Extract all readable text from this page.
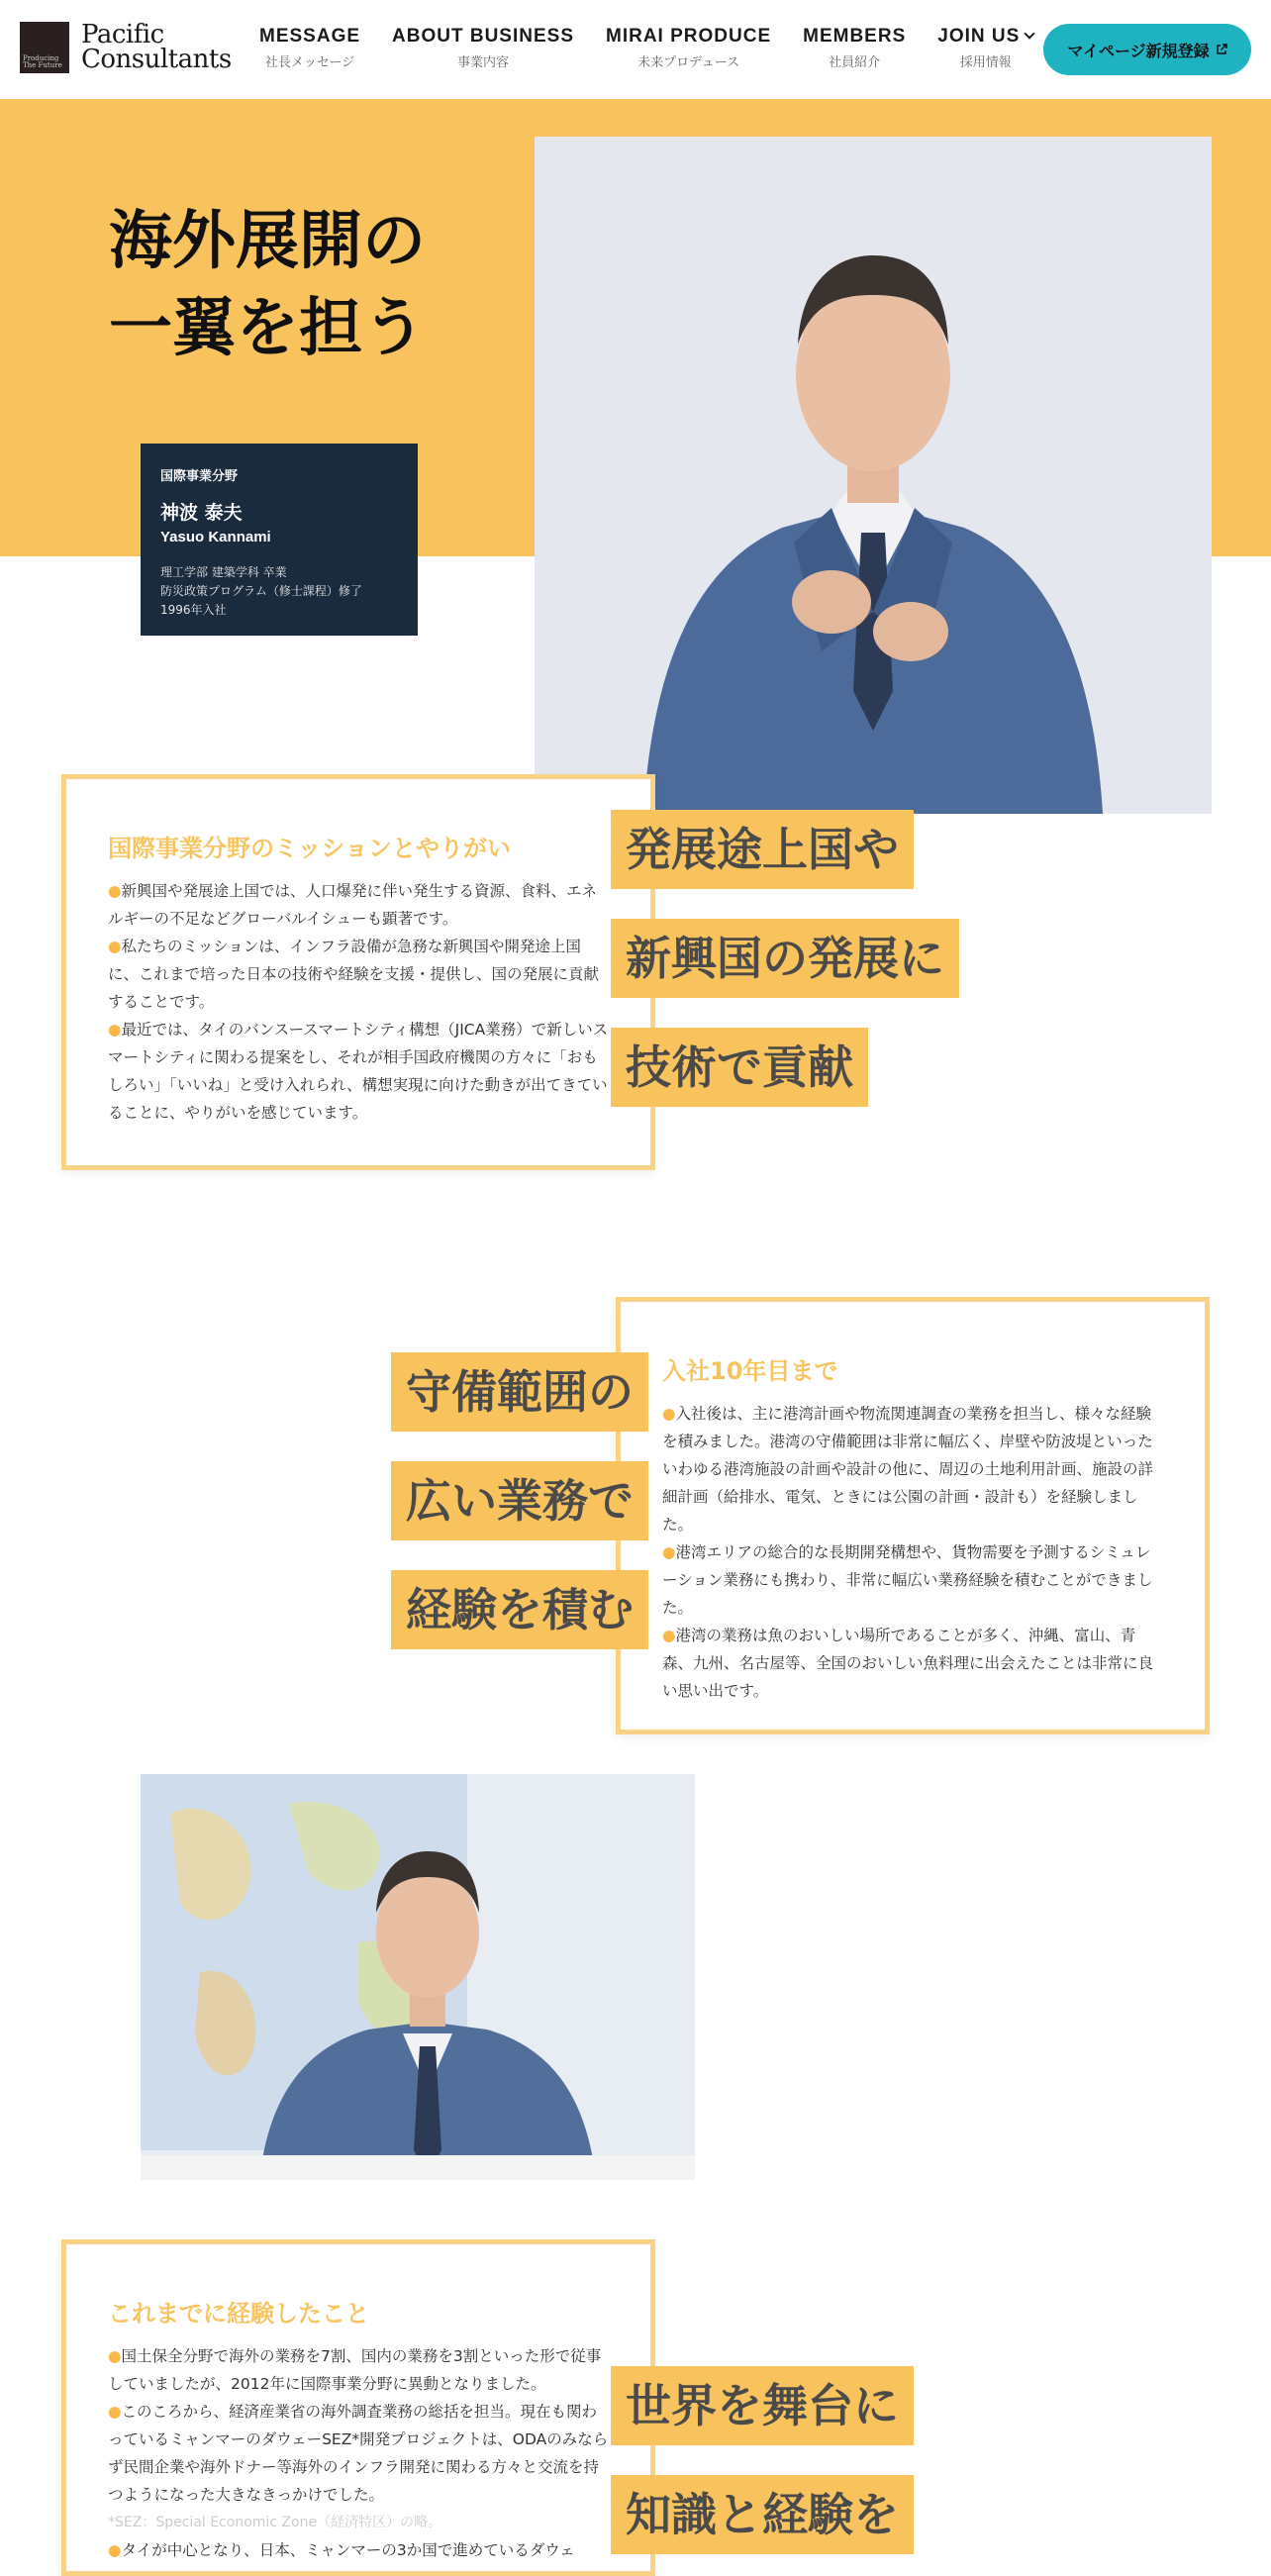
Producing The Future
Pacific
Consultants
MESSAGE
社長メッセージ
ABOUT BUSINESS
事業内容
MIRAI PRODUCE
未来プロデュース
MEMBERS
社員紹介
JOIN US
採用情報
マイページ新規登録
海外展開の
一翼を担う
国際事業分野
神波 泰夫
Yasuo Kannami
理工学部 建築学科 卒業
防災政策プログラム（修士課程）修了
1996年入社
国際事業分野のミッションとやりがい
●新興国や発展途上国では、人口爆発に伴い発生する資源、食料、エネルギーの不足などグローバルイシューも顕著です。
●私たちのミッションは、インフラ設備が急務な新興国や開発途上国に、これまで培った日本の技術や経験を支援・提供し、国の発展に貢献することです。
●最近では、タイのバンスースマートシティ構想（JICA業務）で新しいスマートシティに関わる提案をし、それが相手国政府機関の方々に「おもしろい」「いいね」と受け入れられ、構想実現に向けた動きが出てきていることに、やりがいを感じています。
発展途上国や
新興国の発展に
技術で貢献
入社10年目まで
●入社後は、主に港湾計画や物流関連調査の業務を担当し、様々な経験を積みました。港湾の守備範囲は非常に幅広く、岸壁や防波堤といったいわゆる港湾施設の計画や設計の他に、周辺の土地利用計画、施設の詳細計画（給排水、電気、ときには公園の計画・設計も）を経験しました。
●港湾エリアの総合的な長期開発構想や、貨物需要を予測するシミュレーション業務にも携わり、非常に幅広い業務経験を積むことができました。
●港湾の業務は魚のおいしい場所であることが多く、沖縄、富山、青森、九州、名古屋等、全国のおいしい魚料理に出会えたことは非常に良い思い出です。
守備範囲の
広い業務で
経験を積む
これまでに経験したこと
●国土保全分野で海外の業務を7割、国内の業務を3割といった形で従事していましたが、2012年に国際事業分野に異動となりました。
●このころから、経済産業省の海外調査業務の総括を担当。現在も関わっているミャンマーのダウェーSEZ*開発プロジェクトは、ODAのみならず民間企業や海外ドナー等海外のインフラ開発に関わる方々と交流を持つようになった大きなきっかけでした。
*SEZ：Special Economic Zone（経済特区）の略。
●タイが中心となり、日本、ミャンマーの3か国で進めているダウェ
世界を舞台に
知識と経験を
